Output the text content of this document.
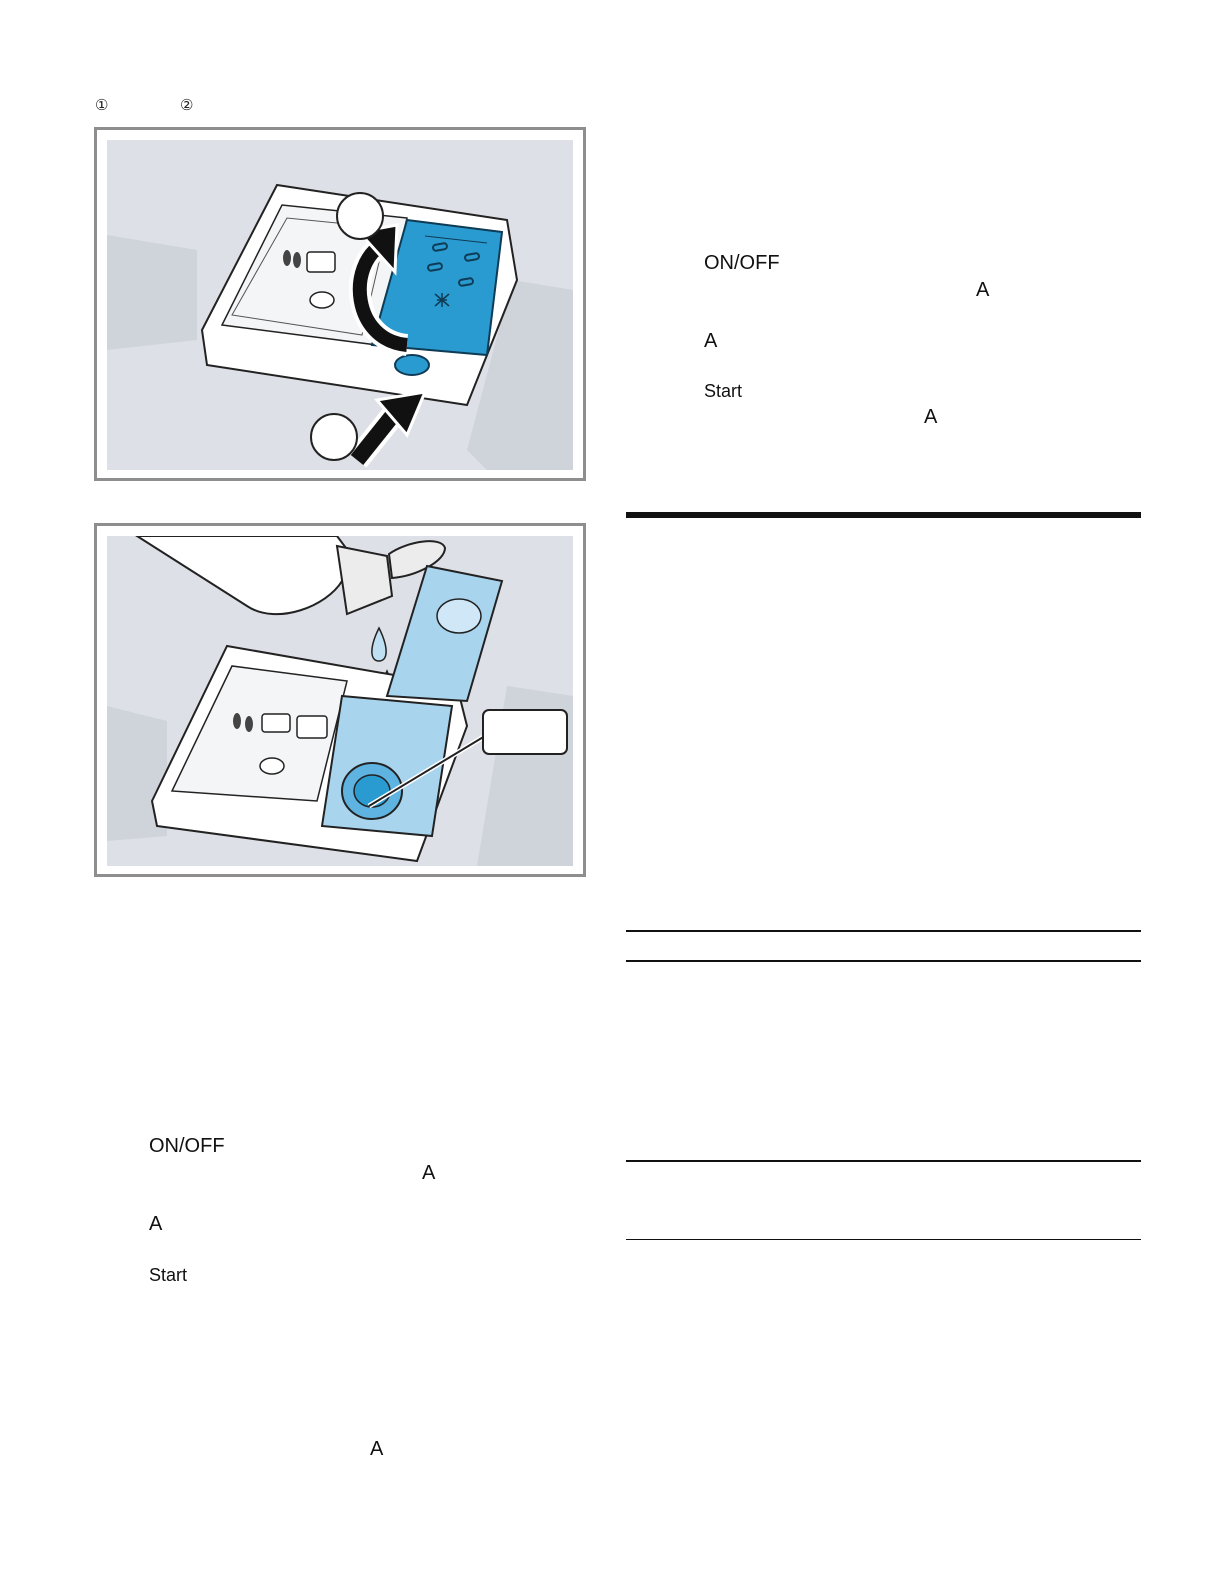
①	②
ON/OFF
A
A
Start
A
ON/OFF
A
A
Start
A
